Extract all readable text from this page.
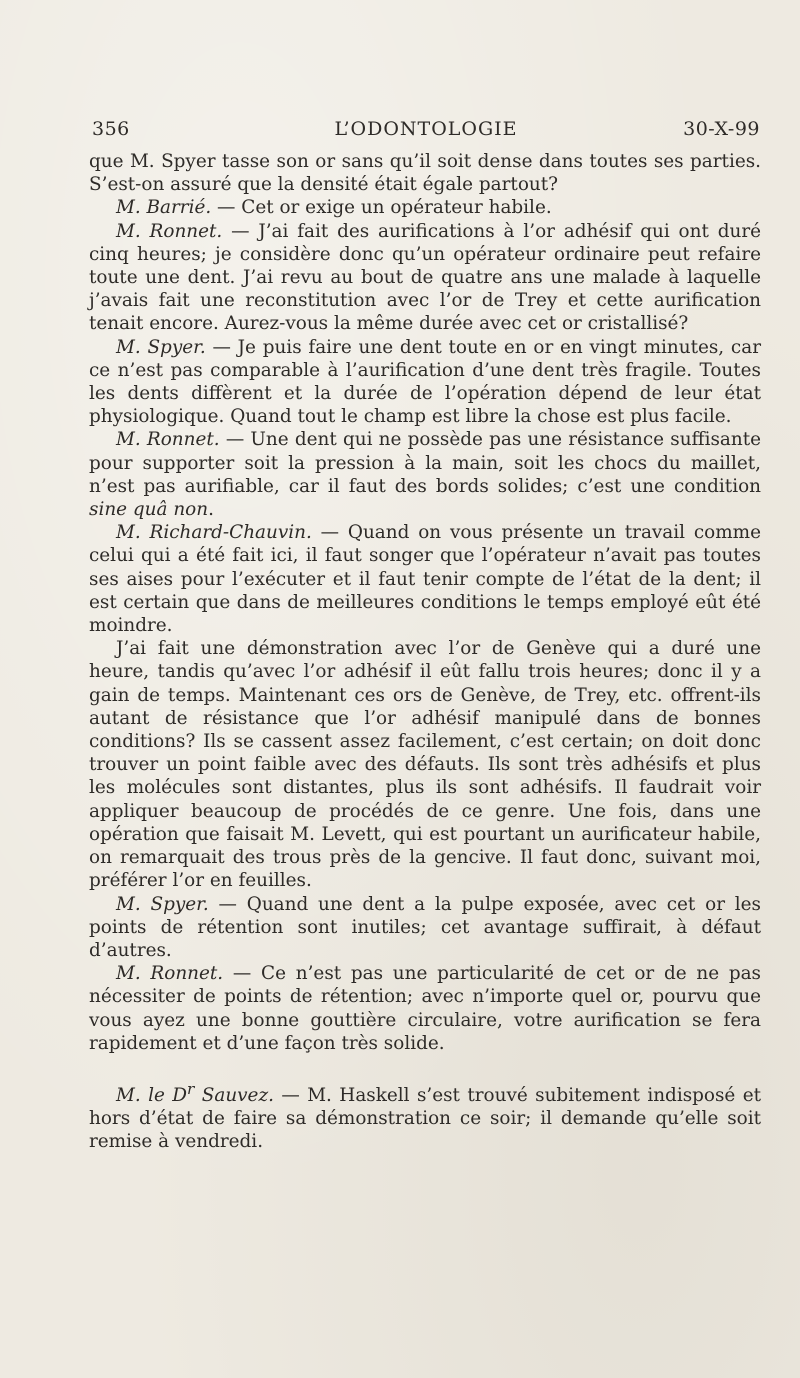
356	L’ODONTOLOGIE	30-X-99

que M. Spyer tasse son or sans qu’il soit dense dans toutes ses parties. S’est-on assuré que la densité était égale partout?

M. Barrié. — Cet or exige un opérateur habile.

M. Ronnet. — J’ai fait des aurifications à l’or adhésif qui ont duré cinq heures; je considère donc qu’un opérateur ordinaire peut refaire toute une dent. J’ai revu au bout de quatre ans une malade à laquelle j’avais fait une reconstitution avec l’or de Trey et cette aurification tenait encore. Aurez-vous la même durée avec cet or cristallisé?

M. Spyer. — Je puis faire une dent toute en or en vingt minutes, car ce n’est pas comparable à l’aurification d’une dent très fragile. Toutes les dents diffèrent et la durée de l’opération dépend de leur état physiologique. Quand tout le champ est libre la chose est plus facile.

M. Ronnet. — Une dent qui ne possède pas une résistance suffisante pour supporter soit la pression à la main, soit les chocs du maillet, n’est pas aurifiable, car il faut des bords solides; c’est une condition sine quâ non.

M. Richard-Chauvin. — Quand on vous présente un travail comme celui qui a été fait ici, il faut songer que l’opérateur n’avait pas toutes ses aises pour l’exécuter et il faut tenir compte de l’état de la dent; il est certain que dans de meilleures conditions le temps employé eût été moindre.

J’ai fait une démonstration avec l’or de Genève qui a duré une heure, tandis qu’avec l’or adhésif il eût fallu trois heures; donc il y a gain de temps. Maintenant ces ors de Genève, de Trey, etc. offrent-ils autant de résistance que l’or adhésif manipulé dans de bonnes conditions? Ils se cassent assez facilement, c’est certain; on doit donc trouver un point faible avec des défauts. Ils sont très adhésifs et plus les molécules sont distantes, plus ils sont adhésifs. Il faudrait voir appliquer beaucoup de procédés de ce genre. Une fois, dans une opération que faisait M. Levett, qui est pourtant un aurificateur habile, on remarquait des trous près de la gencive. Il faut donc, suivant moi, préférer l’or en feuilles.

M. Spyer. — Quand une dent a la pulpe exposée, avec cet or les points de rétention sont inutiles; cet avantage suffirait, à défaut d’autres.

M. Ronnet. — Ce n’est pas une particularité de cet or de ne pas nécessiter de points de rétention; avec n’importe quel or, pourvu que vous ayez une bonne gouttière circulaire, votre aurification se fera rapidement et d’une façon très solide.

M. le $D^r$ Sauvez. — M. Haskell s’est trouvé subitement indisposé et hors d’état de faire sa démonstration ce soir; il demande qu’elle soit remise à vendredi.
